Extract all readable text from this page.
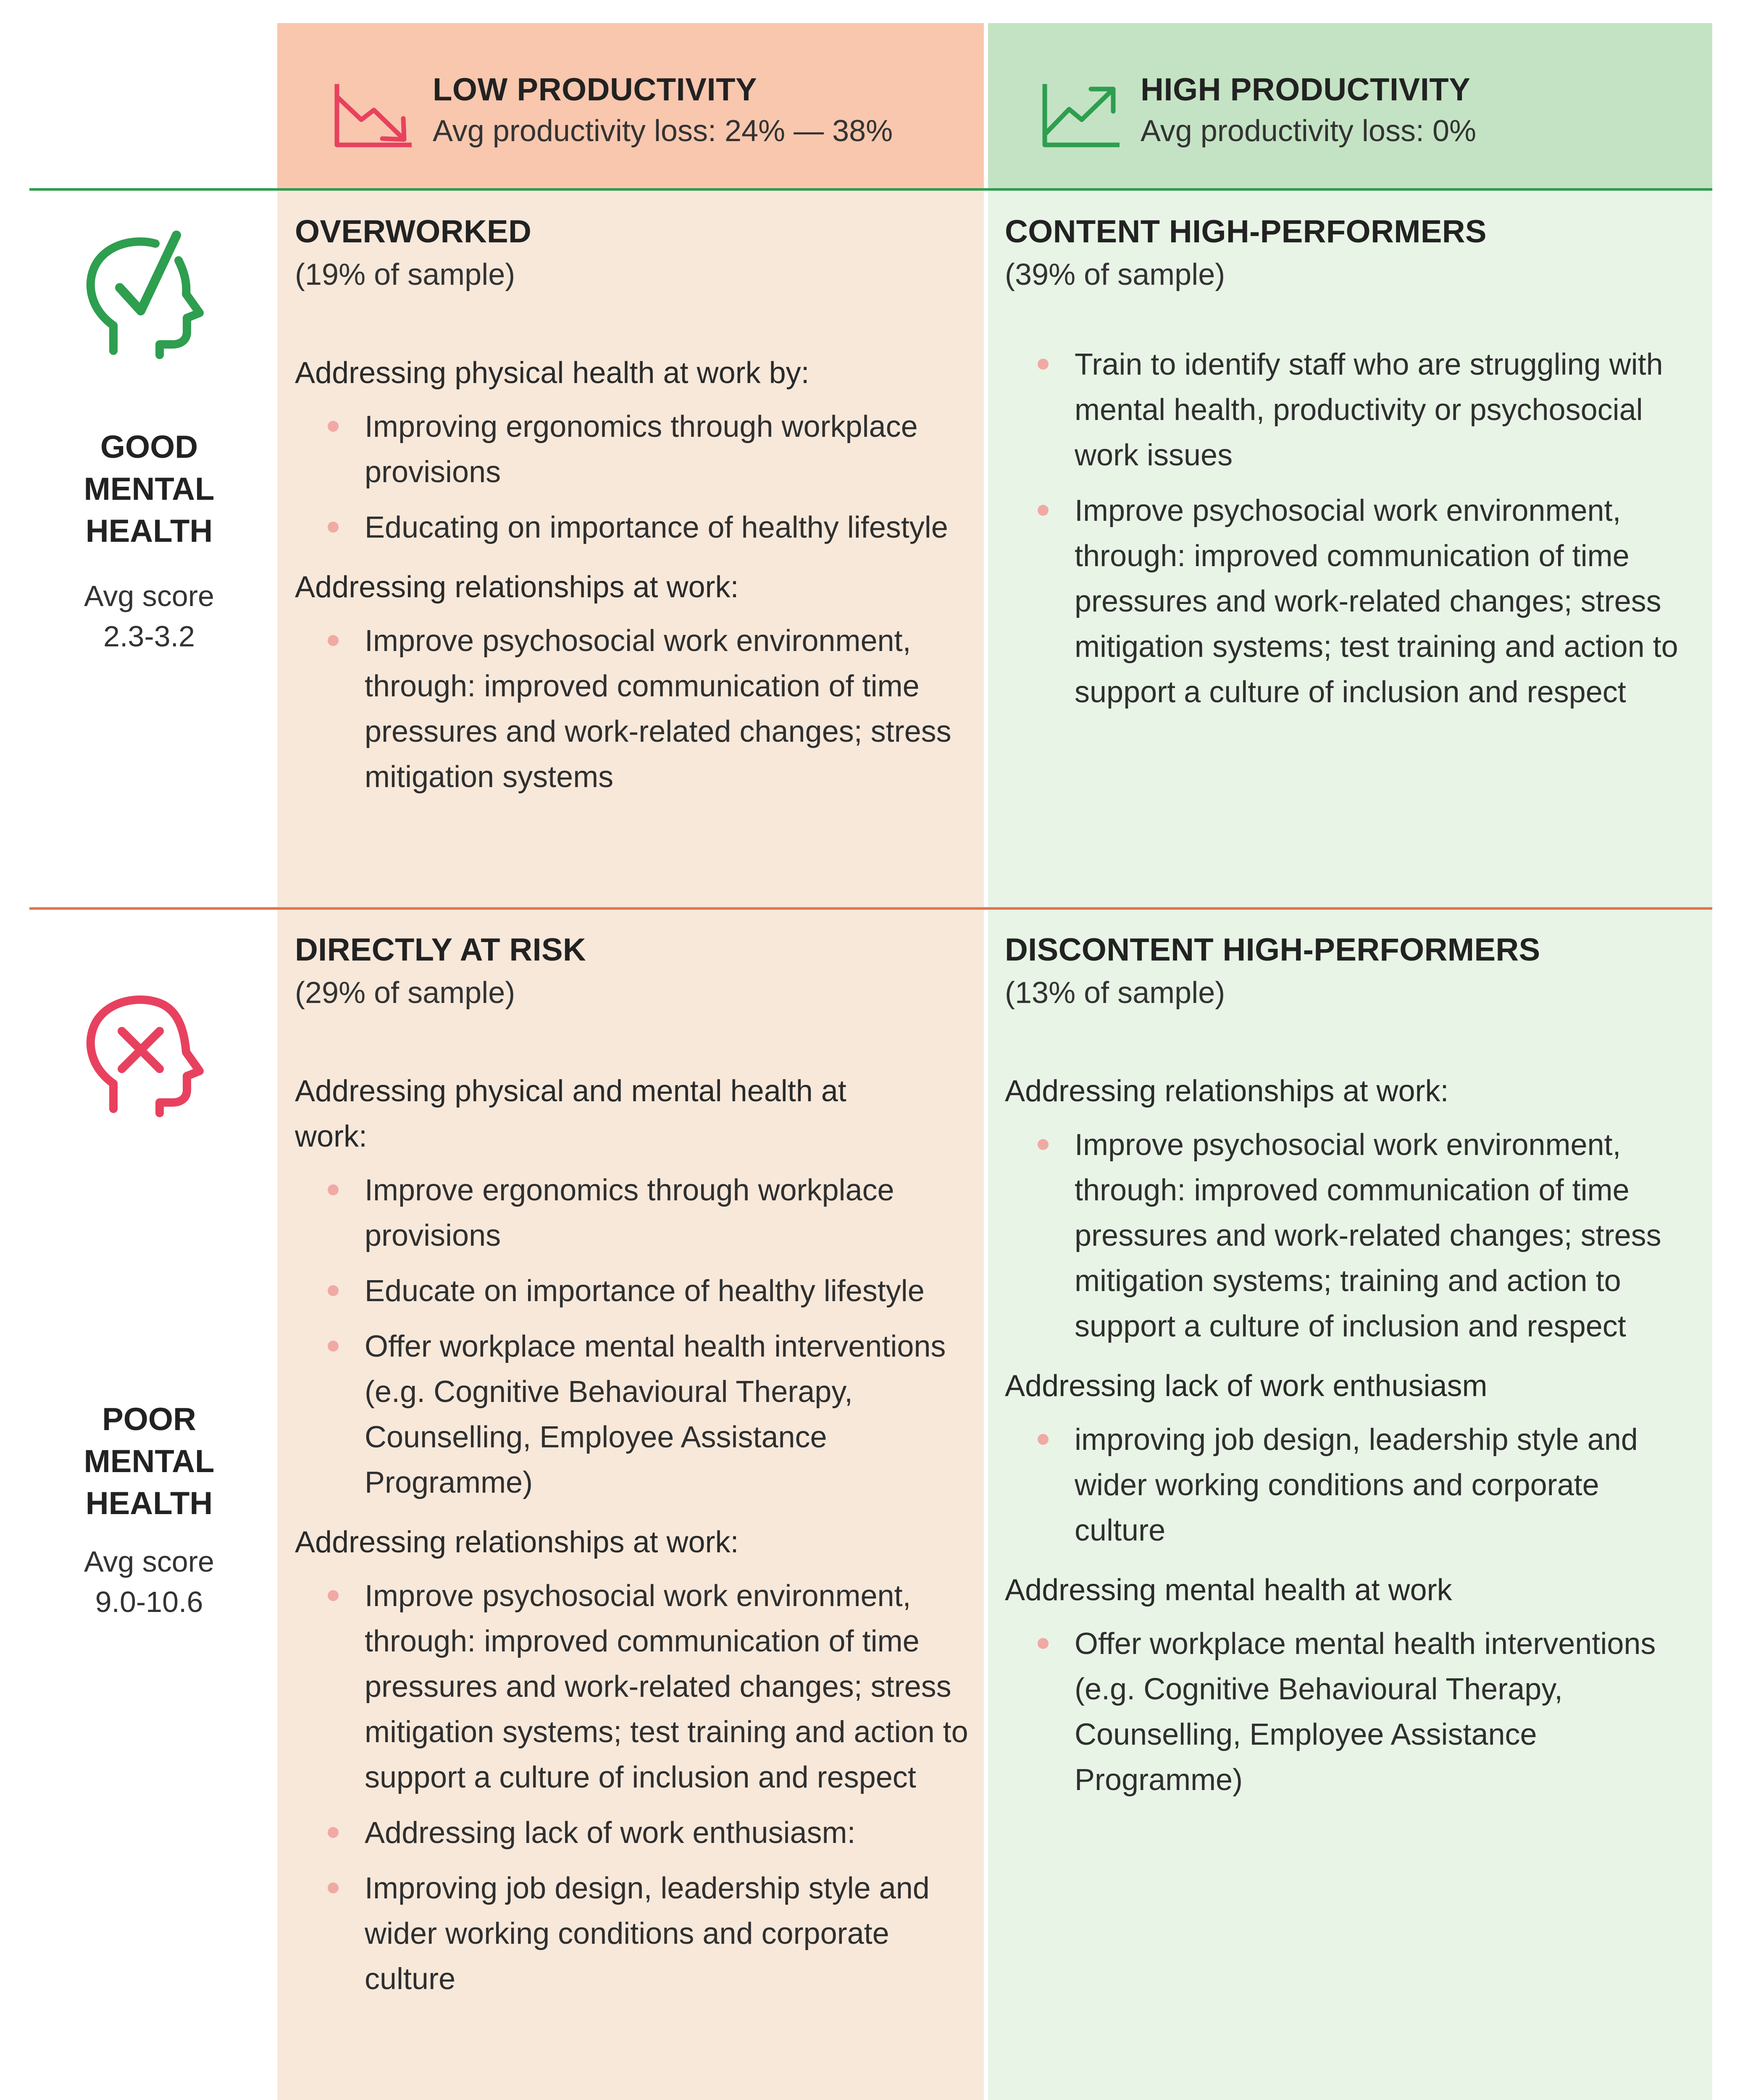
LOW PRODUCTIVITY
Avg productivity loss: 24% — 38%
HIGH PRODUCTIVITY
Avg productivity loss: 0%
GOOD
MENTAL
HEALTH
Avg score
2.3-3.2
POOR
MENTAL
HEALTH
Avg score
9.0-10.6
OVERWORKED
(19% of sample)
Addressing physical health at work by:
Improving ergonomics through workplace provisions
Educating on importance of healthy lifestyle
Addressing relationships at work:
Improve psychosocial work environment, through: improved communication of time pressures and work-related changes; stress mitigation systems
CONTENT HIGH-PERFORMERS
(39% of sample)
Train to identify staff who are struggling with mental health, productivity or psychosocial work issues
Improve psychosocial work environment, through: improved communication of time pressures and work-related changes; stress mitigation systems; test training and action to support a culture of inclusion and respect
DIRECTLY AT RISK
(29% of sample)
Addressing physical and mental health at work:
Improve ergonomics through workplace provisions
Educate on importance of healthy lifestyle
Offer workplace mental health interventions (e.g. Cognitive Behavioural Therapy, Counselling, Employee Assistance Programme)
Addressing relationships at work:
Improve psychosocial work environment, through: improved communication of time pressures and work-related changes; stress mitigation systems; test training and action to support a culture of inclusion and respect
Addressing lack of work enthusiasm:
Improving job design, leadership style and wider working conditions and corporate culture
DISCONTENT HIGH-PERFORMERS
(13% of sample)
Addressing relationships at work:
Improve psychosocial work environment, through: improved communication of time pressures and work-related changes; stress mitigation systems; training and action to support a culture of inclusion and respect
Addressing lack of work enthusiasm
improving job design, leadership style and wider working conditions and corporate culture
Addressing mental health at work
Offer workplace mental health interventions (e.g. Cognitive Behavioural Therapy, Counselling, Employee Assistance Programme)
